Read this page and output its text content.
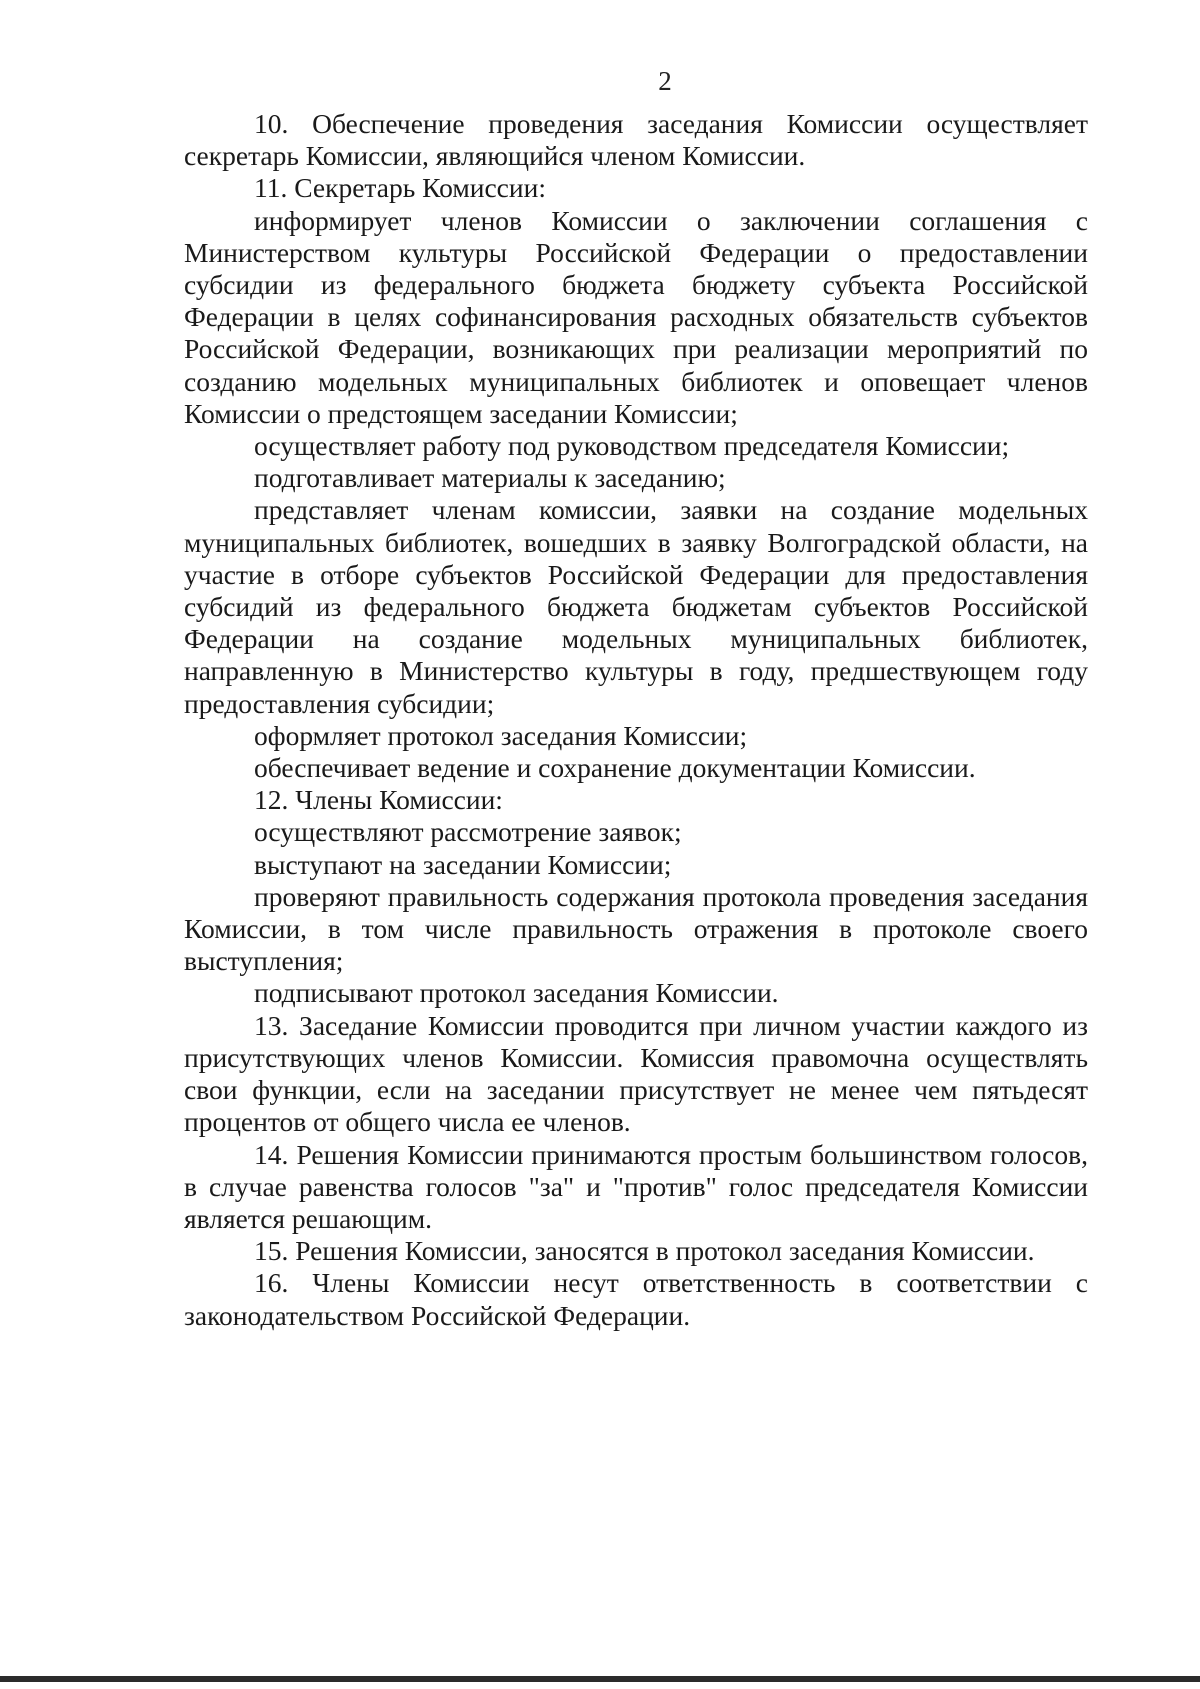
2

10. Обеспечение проведения заседания Комиссии осуществляет секретарь Комиссии, являющийся членом Комиссии.

11. Секретарь Комиссии:

информирует членов Комиссии о заключении соглашения с Министерством культуры Российской Федерации о предоставлении субсидии из федерального бюджета бюджету субъекта Российской Федерации в целях софинансирования расходных обязательств субъектов Российской Федерации, возникающих при реализации мероприятий по созданию модельных муниципальных библиотек и оповещает членов Комиссии о предстоящем заседании Комиссии;

осуществляет работу под руководством председателя Комиссии;

подготавливает материалы к заседанию;

представляет членам комиссии, заявки на создание модельных муниципальных библиотек, вошедших в заявку Волгоградской области, на участие в отборе субъектов Российской Федерации для предоставления субсидий из федерального бюджета бюджетам субъектов Российской Федерации на создание модельных муниципальных библиотек, направленную в Министерство культуры в году, предшествующем году предоставления субсидии;

оформляет протокол заседания Комиссии;

обеспечивает ведение и сохранение документации Комиссии.

12. Члены Комиссии:

осуществляют рассмотрение заявок;

выступают на заседании Комиссии;

проверяют правильность содержания протокола проведения заседания Комиссии, в том числе правильность отражения в протоколе своего выступления;

подписывают протокол заседания Комиссии.

13. Заседание Комиссии проводится при личном участии каждого из присутствующих членов Комиссии. Комиссия правомочна осуществлять свои функции, если на заседании присутствует не менее чем пятьдесят процентов от общего числа ее членов.

14. Решения Комиссии принимаются простым большинством голосов, в случае равенства голосов "за" и "против" голос председателя Комиссии является решающим.

15. Решения Комиссии, заносятся в протокол заседания Комиссии.

16. Члены Комиссии несут ответственность в соответствии с законодательством Российской Федерации.
